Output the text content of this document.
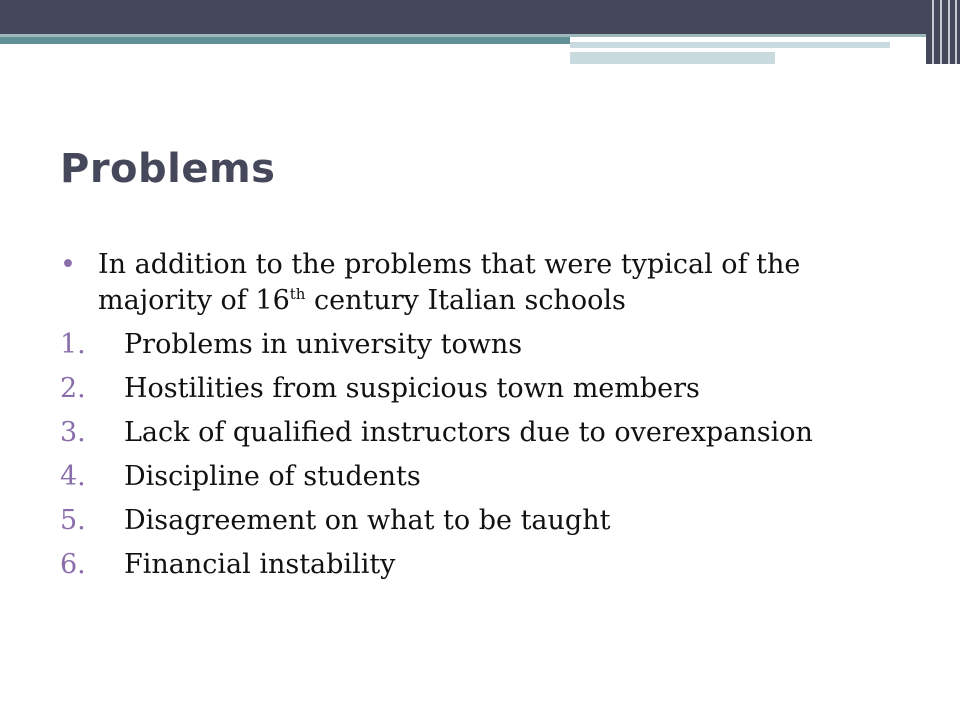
Problems
• In addition to the problems that were typical of the majority of 16th century Italian schools
1. Problems in university towns
2. Hostilities from suspicious town members
3. Lack of qualified instructors due to overexpansion
4. Discipline of students
5. Disagreement on what to be taught
6. Financial instability
